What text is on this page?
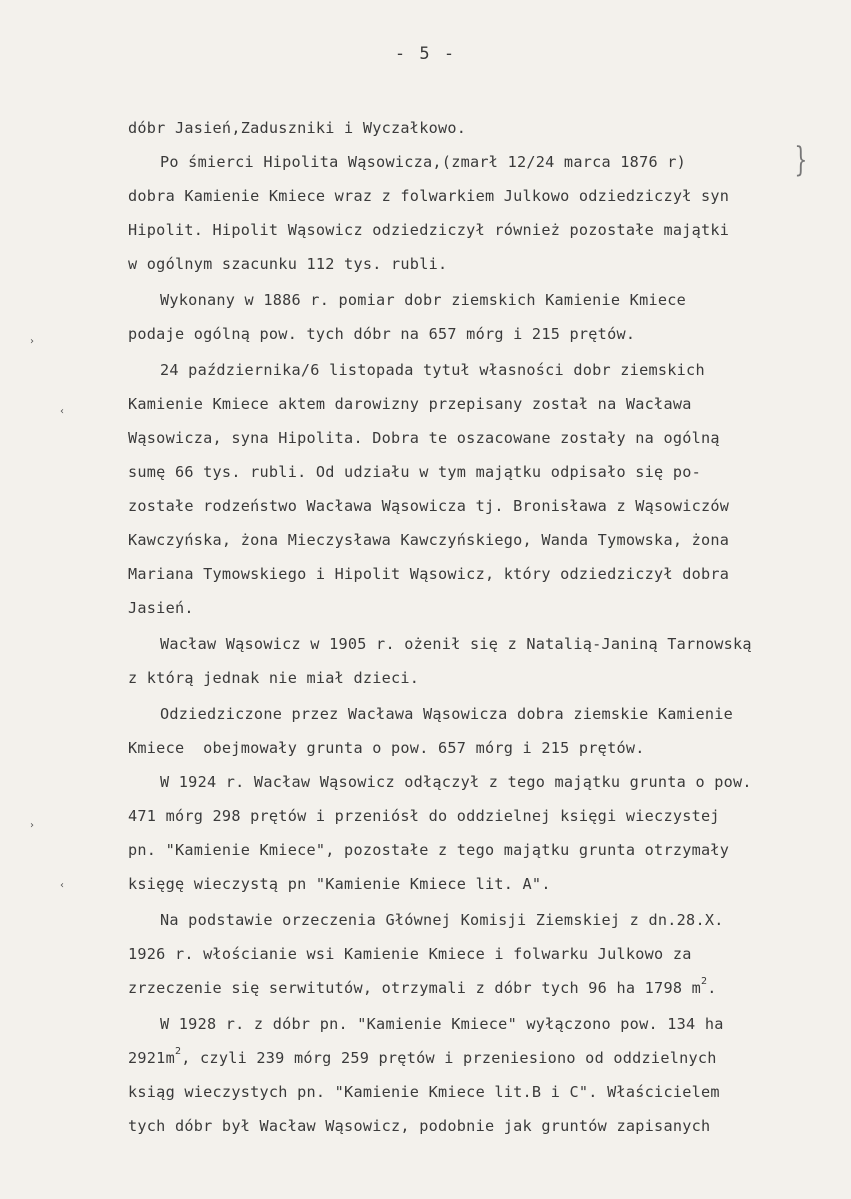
- 5 -
}
›
‹
›
‹
dóbr Jasień,Zaduszniki i Wyczałkowo.
Po śmierci Hipolita Wąsowicza,(zmarł 12/24 marca 1876 r)
dobra Kamienie Kmiece wraz z folwarkiem Julkowo odziedziczył syn
Hipolit. Hipolit Wąsowicz odziedziczył również pozostałe majątki
w ogólnym szacunku 112 tys. rubli.
Wykonany w 1886 r. pomiar dobr ziemskich Kamienie Kmiece
podaje ogólną pow. tych dóbr na 657 mórg i 215 prętów.
24 października/6 listopada tytuł własności dobr ziemskich
Kamienie Kmiece aktem darowizny przepisany został na Wacława
Wąsowicza, syna Hipolita. Dobra te oszacowane zostały na ogólną
sumę 66 tys. rubli. Od udziału w tym majątku odpisało się po-
zostałe rodzeństwo Wacława Wąsowicza tj. Bronisława z Wąsowiczów
Kawczyńska, żona Mieczysława Kawczyńskiego, Wanda Tymowska, żona
Mariana Tymowskiego i Hipolit Wąsowicz, który odziedziczył dobra
Jasień.
Wacław Wąsowicz w 1905 r. ożenił się z Natalią-Janiną Tarnowską
z którą jednak nie miał dzieci.
Odziedziczone przez Wacława Wąsowicza dobra ziemskie Kamienie
Kmiece  obejmowały grunta o pow. 657 mórg i 215 prętów.
W 1924 r. Wacław Wąsowicz odłączył z tego majątku grunta o pow.
471 mórg 298 prętów i przeniósł do oddzielnej księgi wieczystej
pn. "Kamienie Kmiece", pozostałe z tego majątku grunta otrzymały
księgę wieczystą pn "Kamienie Kmiece lit. A".
Na podstawie orzeczenia Głównej Komisji Ziemskiej z dn.28.X.
1926 r. włościanie wsi Kamienie Kmiece i folwarku Julkowo za
zrzeczenie się serwitutów, otrzymali z dóbr tych 96 ha 1798 $m^2$.
W 1928 r. z dóbr pn. "Kamienie Kmiece" wyłączono pow. 134 ha
$2921m^2$, czyli 239 mórg 259 prętów i przeniesiono od oddzielnych
ksiąg wieczystych pn. "Kamienie Kmiece lit.B i C". Właścicielem
tych dóbr był Wacław Wąsowicz, podobnie jak gruntów zapisanych
